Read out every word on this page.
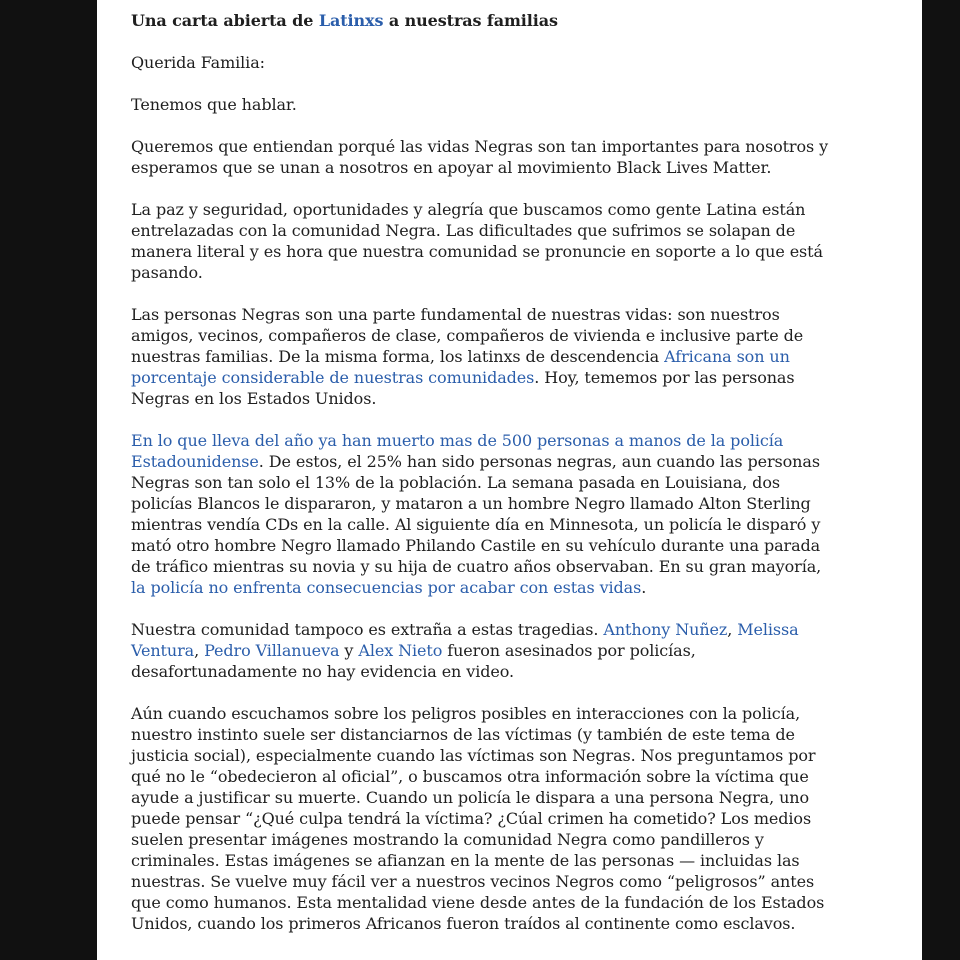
Una carta abierta de Latinxs a nuestras familias

Querida Familia:

Tenemos que hablar.

Queremos que entiendan porqué las vidas Negras son tan importantes para nosotros y esperamos que se unan a nosotros en apoyar al movimiento Black Lives Matter.

La paz y seguridad, oportunidades y alegría que buscamos como gente Latina están entrelazadas con la comunidad Negra. Las dificultades que sufrimos se solapan de manera literal y es hora que nuestra comunidad se pronuncie en soporte a lo que está pasando.

Las personas Negras son una parte fundamental de nuestras vidas: son nuestros amigos, vecinos, compañeros de clase, compañeros de vivienda e inclusive parte de nuestras familias. De la misma forma, los latinxs de descendencia Africana son un porcentaje considerable de nuestras comunidades. Hoy, tememos por las personas Negras en los Estados Unidos.

En lo que lleva del año ya han muerto mas de 500 personas a manos de la policía Estadounidense. De estos, el 25% han sido personas negras, aun cuando las personas Negras son tan solo el 13% de la población. La semana pasada en Louisiana, dos policías Blancos le dispararon, y mataron a un hombre Negro llamado Alton Sterling mientras vendía CDs en la calle. Al siguiente día en Minnesota, un policía le disparó y mató otro hombre Negro llamado Philando Castile en su vehículo durante una parada de tráfico mientras su novia y su hija de cuatro años observaban. En su gran mayoría, la policía no enfrenta consecuencias por acabar con estas vidas.

Nuestra comunidad tampoco es extraña a estas tragedias. Anthony Nuñez, Melissa Ventura, Pedro Villanueva y Alex Nieto fueron asesinados por policías, desafortunadamente no hay evidencia en video.

Aún cuando escuchamos sobre los peligros posibles en interacciones con la policía, nuestro instinto suele ser distanciarnos de las víctimas (y también de este tema de justicia social), especialmente cuando las víctimas son Negras. Nos preguntamos por qué no le “obedecieron al oficial”, o buscamos otra información sobre la víctima que ayude a justificar su muerte. Cuando un policía le dispara a una persona Negra, uno puede pensar “¿Qué culpa tendrá la víctima? ¿Cúal crimen ha cometido? Los medios suelen presentar imágenes mostrando la comunidad Negra como pandilleros y criminales. Estas imágenes se afianzan en la mente de las personas — incluidas las nuestras. Se vuelve muy fácil ver a nuestros vecinos Negros como “peligrosos” antes que como humanos. Esta mentalidad viene desde antes de la fundación de los Estados Unidos, cuando los primeros Africanos fueron traídos al continente como esclavos.
